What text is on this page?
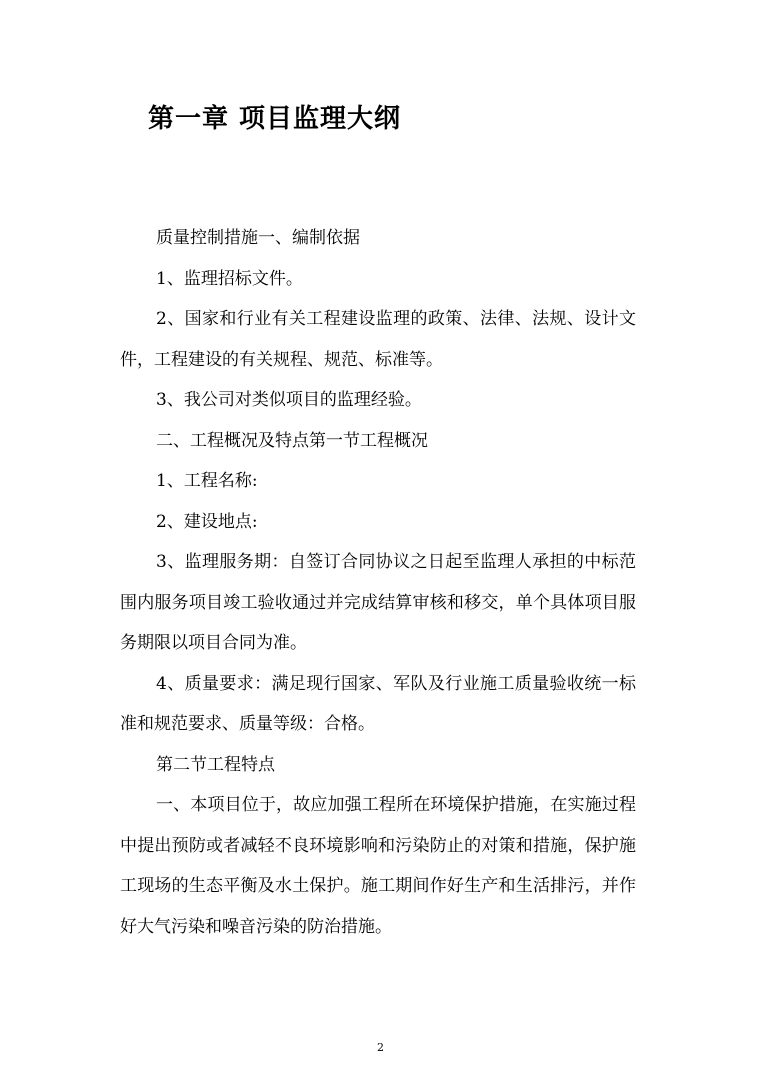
第一章 项目监理大纲

质量控制措施一、编制依据

1、监理招标文件。

2、国家和行业有关工程建设监理的政策、法律、法规、设计文件，工程建设的有关规程、规范、标准等。

3、我公司对类似项目的监理经验。

二、工程概况及特点第一节工程概况

1、工程名称:

2、建设地点:

3、监理服务期：自签订合同协议之日起至监理人承担的中标范围内服务项目竣工验收通过并完成结算审核和移交，单个具体项目服务期限以项目合同为准。

4、质量要求：满足现行国家、军队及行业施工质量验收统一标准和规范要求、质量等级：合格。

第二节工程特点

一、本项目位于，故应加强工程所在环境保护措施，在实施过程中提出预防或者减轻不良环境影响和污染防止的对策和措施，保护施工现场的生态平衡及水土保护。施工期间作好生产和生活排污，并作好大气污染和噪音污染的防治措施。

2
